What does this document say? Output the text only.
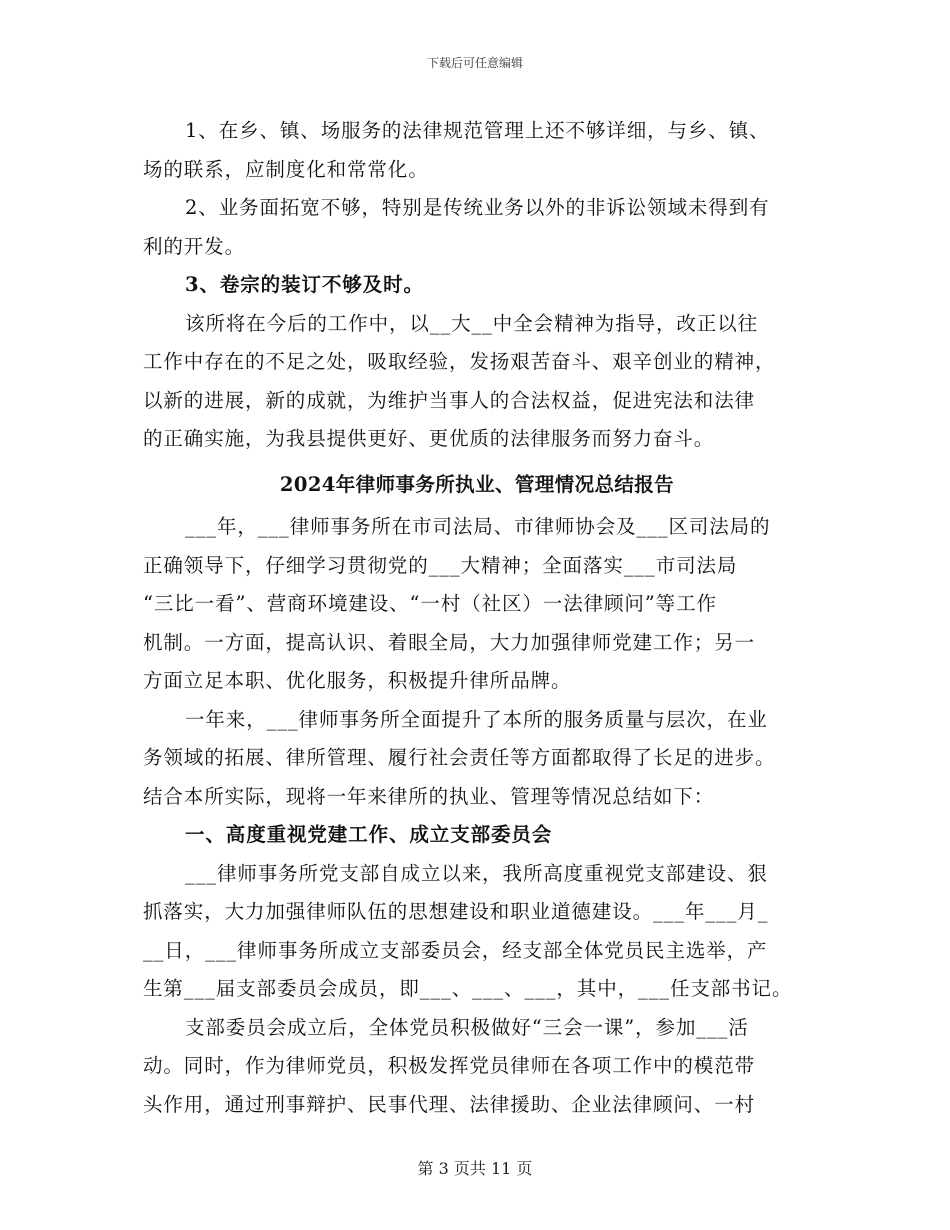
下载后可任意编辑

1、在乡、镇、场服务的法律规范管理上还不够详细，与乡、镇、

场的联系，应制度化和常常化。

2、业务面拓宽不够，特别是传统业务以外的非诉讼领域未得到有

利的开发。

3、卷宗的装订不够及时。

该所将在今后的工作中，以__大__中全会精神为指导，改正以往

工作中存在的不足之处，吸取经验，发扬艰苦奋斗、艰辛创业的精神，

以新的进展，新的成就，为维护当事人的合法权益，促进宪法和法律

的正确实施，为我县提供更好、更优质的法律服务而努力奋斗。

2024年律师事务所执业、管理情况总结报告

___年，___律师事务所在市司法局、市律师协会及___区司法局的

正确领导下，仔细学习贯彻党的___大精神；全面落实___市司法局

“三比一看”、营商环境建设、“一村（社区）一法律顾问”等工作

机制。一方面，提高认识、着眼全局，大力加强律师党建工作；另一

方面立足本职、优化服务，积极提升律所品牌。

一年来，___律师事务所全面提升了本所的服务质量与层次，在业

务领域的拓展、律所管理、履行社会责任等方面都取得了长足的进步。

结合本所实际，现将一年来律所的执业、管理等情况总结如下：

一、高度重视党建工作、成立支部委员会

___律师事务所党支部自成立以来，我所高度重视党支部建设、狠

抓落实，大力加强律师队伍的思想建设和职业道德建设。___年___月_

__日，___律师事务所成立支部委员会，经支部全体党员民主选举，产

生第___届支部委员会成员，即___、___、___，其中，___任支部书记。

支部委员会成立后，全体党员积极做好“三会一课”，参加___活

动。同时，作为律师党员，积极发挥党员律师在各项工作中的模范带

头作用，通过刑事辩护、民事代理、法律援助、企业法律顾问、一村

第 3 页共 11 页
